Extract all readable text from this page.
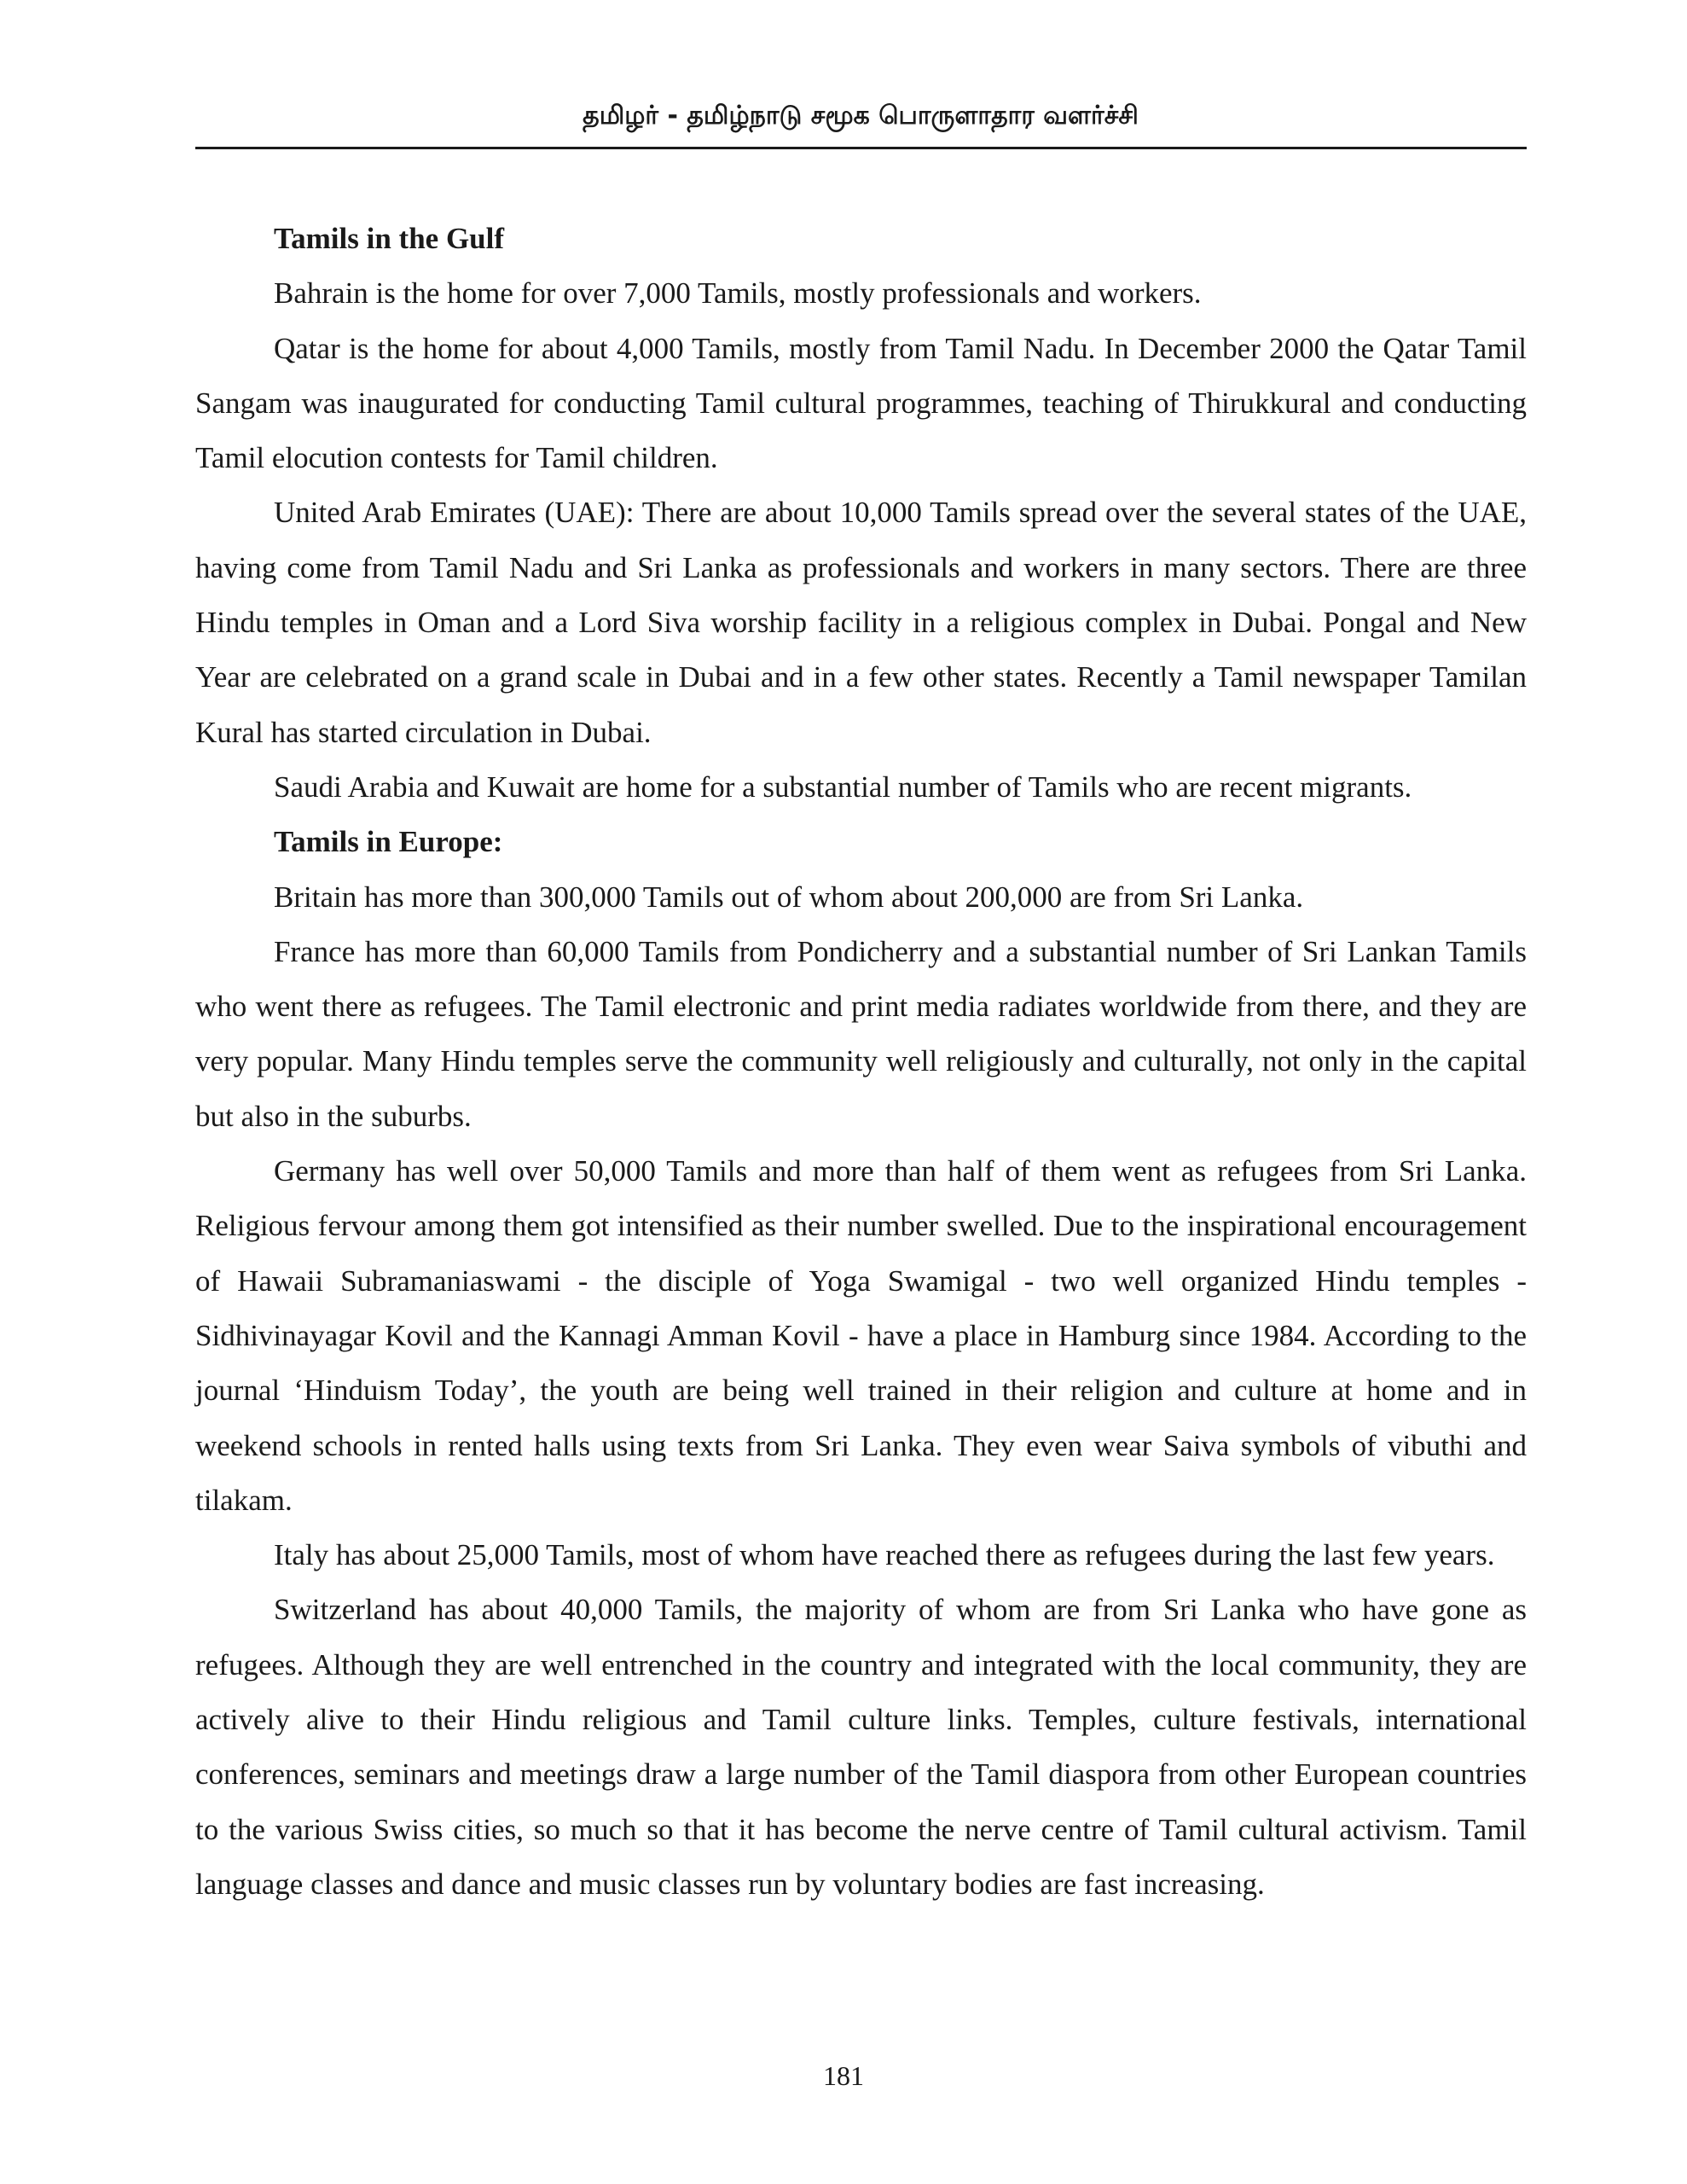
தமிழர் - தமிழ்நாடு சமூக பொருளாதார வளர்ச்சி
Tamils in the Gulf

Bahrain is the home for over 7,000 Tamils, mostly professionals and workers.

Qatar is the home for about 4,000 Tamils, mostly from Tamil Nadu. In December 2000 the Qatar Tamil Sangam was inaugurated for conducting Tamil cultural programmes, teaching of Thirukkural and conducting Tamil elocution contests for Tamil children.

United Arab Emirates (UAE): There are about 10,000 Tamils spread over the several states of the UAE, having come from Tamil Nadu and Sri Lanka as professionals and workers in many sectors. There are three Hindu temples in Oman and a Lord Siva worship facility in a religious complex in Dubai. Pongal and New Year are celebrated on a grand scale in Dubai and in a few other states. Recently a Tamil newspaper Tamilan Kural has started circulation in Dubai.

Saudi Arabia and Kuwait are home for a substantial number of Tamils who are recent migrants.

Tamils in Europe:

Britain has more than 300,000 Tamils out of whom about 200,000 are from Sri Lanka.

France has more than 60,000 Tamils from Pondicherry and a substantial number of Sri Lankan Tamils who went there as refugees. The Tamil electronic and print media radiates worldwide from there, and they are very popular. Many Hindu temples serve the community well religiously and culturally, not only in the capital but also in the suburbs.

Germany has well over 50,000 Tamils and more than half of them went as refugees from Sri Lanka. Religious fervour among them got intensified as their number swelled. Due to the inspirational encouragement of Hawaii Subramaniaswami - the disciple of Yoga Swamigal - two well organized Hindu temples - Sidhivinayagar Kovil and the Kannagi Amman Kovil - have a place in Hamburg since 1984. According to the journal ‘Hinduism Today’, the youth are being well trained in their religion and culture at home and in weekend schools in rented halls using texts from Sri Lanka. They even wear Saiva symbols of vibuthi and tilakam.

Italy has about 25,000 Tamils, most of whom have reached there as refugees during the last few years.

Switzerland has about 40,000 Tamils, the majority of whom are from Sri Lanka who have gone as refugees. Although they are well entrenched in the country and integrated with the local community, they are actively alive to their Hindu religious and Tamil culture links. Temples, culture festivals, international conferences, seminars and meetings draw a large number of the Tamil diaspora from other European countries to the various Swiss cities, so much so that it has become the nerve centre of Tamil cultural activism. Tamil language classes and dance and music classes run by voluntary bodies are fast increasing.

181
